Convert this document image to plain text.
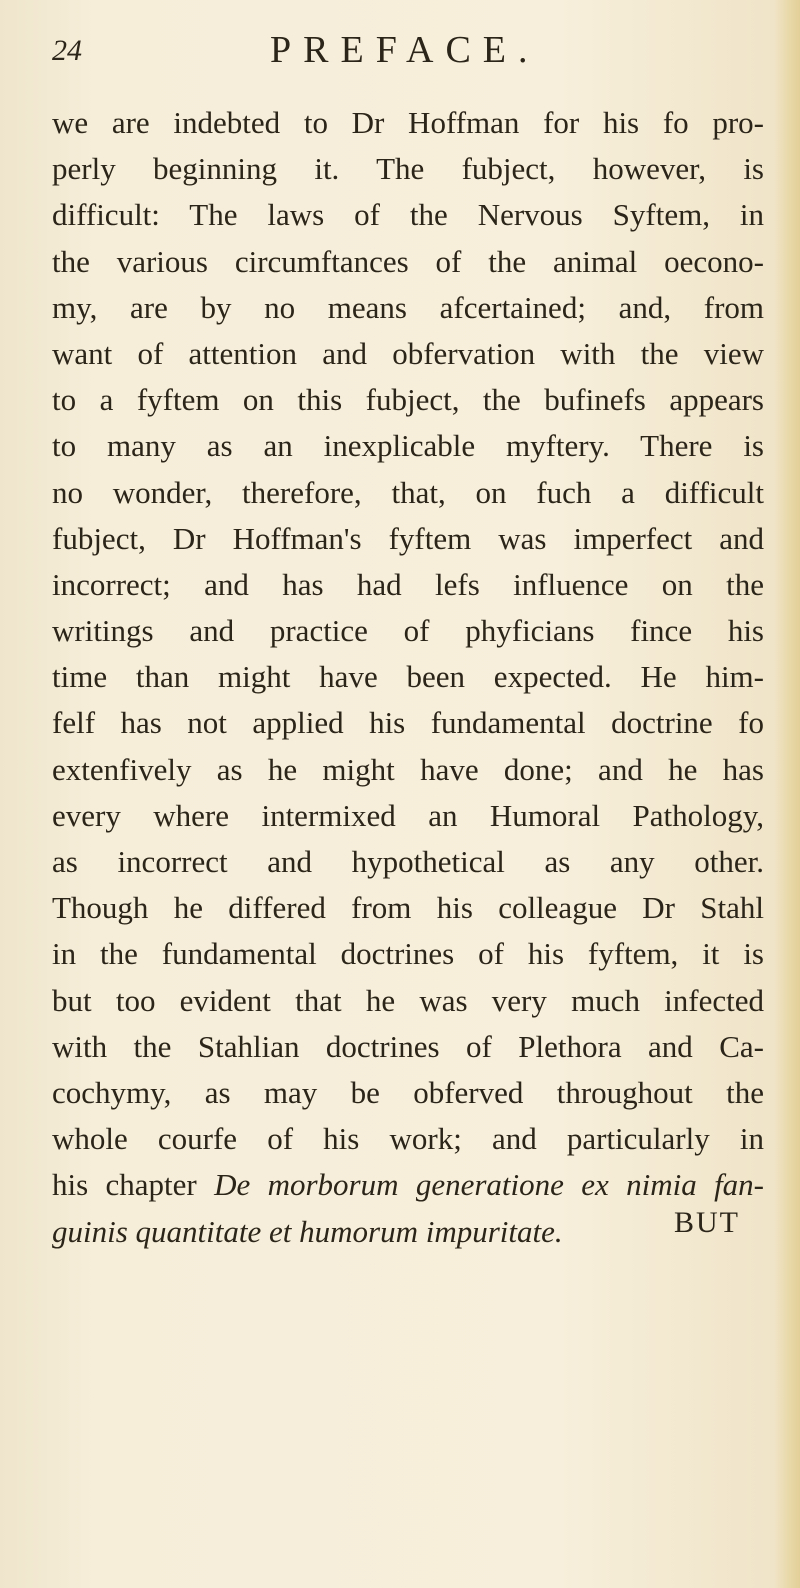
24	PREFACE.
we are indebted to Dr Hoffman for his fo pro-
perly beginning it. The fubject, however, is
difficult: The laws of the Nervous Syftem, in
the various circumftances of the animal oecono-
my, are by no means afcertained; and, from
want of attention and obfervation with the view
to a fyftem on this fubject, the bufinefs appears
to many as an inexplicable myftery. There is
no wonder, therefore, that, on fuch a difficult
fubject, Dr Hoffman's fyftem was imperfect and
incorrect; and has had lefs influence on the
writings and practice of phyficians fince his
time than might have been expected. He him-
felf has not applied his fundamental doctrine fo
extenfively as he might have done; and he has
every where intermixed an Humoral Pathology,
as incorrect and hypothetical as any other.
Though he differed from his colleague Dr Stahl
in the fundamental doctrines of his fyftem, it is
but too evident that he was very much infected
with the Stahlian doctrines of Plethora and Ca-
cochymy, as may be obferved throughout the
whole courfe of his work; and particularly in
his chapter De morborum generatione ex nimia fan-
guinis quantitate et humorum impuritate.	BUT
